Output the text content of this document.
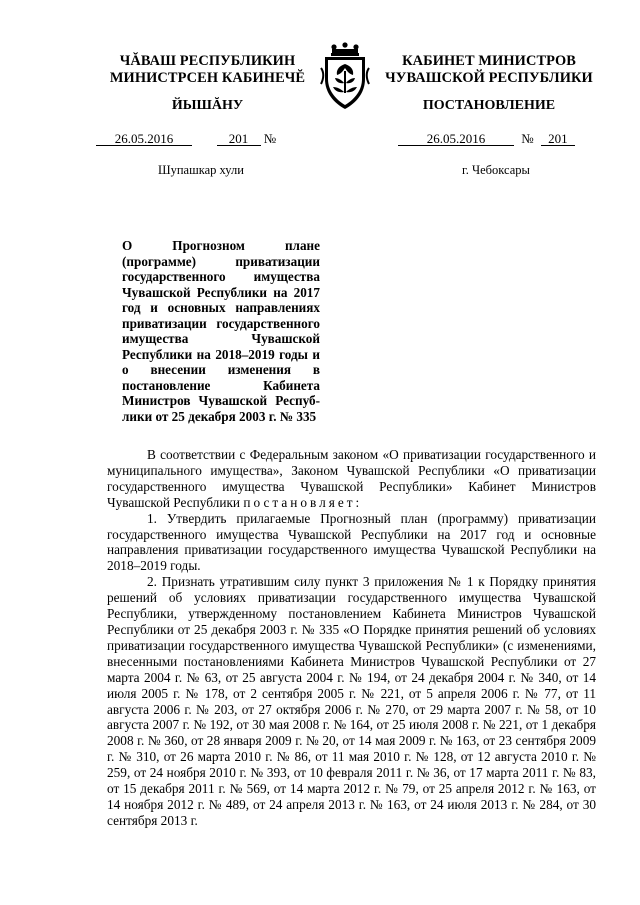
ЧĂВАШ РЕСПУБЛИКИН
МИНИСТРСЕН КАБИНЕЧĔ
ЙЫШĂНУ
26.05.2016	201 №
Шупашкар хули
КАБИНЕТ МИНИСТРОВ
ЧУВАШСКОЙ РЕСПУБЛИКИ
ПОСТАНОВЛЕНИЕ
26.05.2016	№ 201
г. Чебоксары
О Прогнозном плане (программе) приватизации государственного имущества Чувашской Республики на 2017 год и основных направлениях приватизации государственного имущества Чувашской Республики на 2018–2019 годы и о внесении изменения в постановление Кабинета Министров Чувашской Республики от 25 декабря 2003 г. № 335

В соответствии с Федеральным законом «О приватизации государственного и муниципального имущества», Законом Чувашской Республики «О приватизации государственного имущества Чувашской Республики» Кабинет Министров Чувашской Республики постановляет:

1. Утвердить прилагаемые Прогнозный план (программу) приватизации государственного имущества Чувашской Республики на 2017 год и основные направления приватизации государственного имущества Чувашской Республики на 2018–2019 годы.

2. Признать утратившим силу пункт 3 приложения № 1 к Порядку принятия решений об условиях приватизации государственного имущества Чувашской Республики, утвержденному постановлением Кабинета Министров Чувашской Республики от 25 декабря 2003 г. № 335 «О Порядке принятия решений об условиях приватизации государственного имущества Чувашской Республики» (с изменениями, внесенными постановлениями Кабинета Министров Чувашской Республики от 27 марта 2004 г. № 63, от 25 августа 2004 г. № 194, от 24 декабря 2004 г. № 340, от 14 июля 2005 г. № 178, от 2 сентября 2005 г. № 221, от 5 апреля 2006 г. № 77, от 11 августа 2006 г. № 203, от 27 октября 2006 г. № 270, от 29 марта 2007 г. № 58, от 10 августа 2007 г. № 192, от 30 мая 2008 г. № 164, от 25 июля 2008 г. № 221, от 1 декабря 2008 г. № 360, от 28 января 2009 г. № 20, от 14 мая 2009 г. № 163, от 23 сентября 2009 г. № 310, от 26 марта 2010 г. № 86, от 11 мая 2010 г. № 128, от 12 августа 2010 г. № 259, от 24 ноября 2010 г. № 393, от 10 февраля 2011 г. № 36, от 17 марта 2011 г. № 83, от 15 декабря 2011 г. № 569, от 14 марта 2012 г. № 79, от 25 апреля 2012 г. № 163, от 14 ноября 2012 г. № 489, от 24 апреля 2013 г. № 163, от 24 июля 2013 г. № 284, от 30 сентября 2013 г.
